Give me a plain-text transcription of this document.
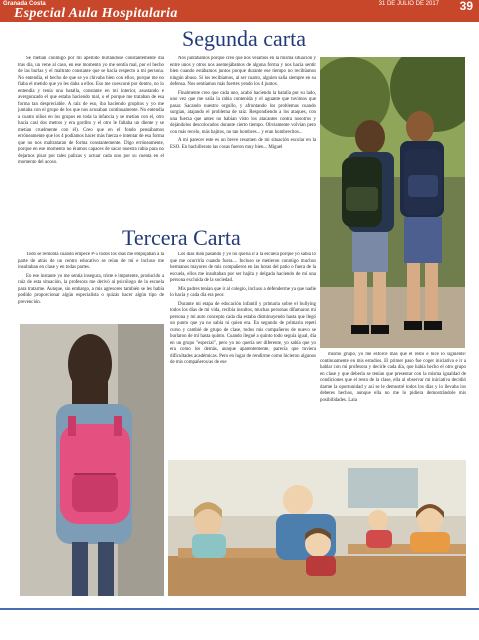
Granada Costa
Especial Aula Hospitalaria
31 DE JULIO DE 2017 39
Segunda carta

Se metían conmigo por mi apellido burlándose constantemente día tras día, un vene al caso, en ese momento yo me sentía mal, por el hecho de las burlas y el maltrato constante que se hacía respecto a mi persona. No entendía, el hecho de que se yo chivaba bien con ellos, porque me no fiaba el metido que yo les daba a ellos. Eso me cuesconé por dentro, no lo entendía y tenía una batalla, constante en mi interior, asustando e avergonzado el que estaba haciendo mal, o el porque me trataban de esa forma tan despreciable. A raíz de eso, iba haciendo grupitos y yo me juntaba con el grupo de los que nos acosaban continuamente. No entendía a cuatro niños en los grupos en toda la infancia y se metían con el, otro hacía casi dos metros y era gordito y el otro le faltaba un diente y se metían cruelmente con él). Creo que en el fondo pensábamos erróneamente que los 4 podíamos hacer más fuerza e intentar de esa forma que no nos maltrataran de forma constantemente. Digo erróneamente, porque en ese momento no éramos capaces de sacar nuestra rabia para no dejarnos pisar por tales palizas y actuar cada uno por su cuenta en el momento del acoso.

Nos juntábamos porque creo que nos veíamos en la misma situación y entre unos y otros nos asemejábamos de alguna forma y nos hacía sentir bien cuando estábamos juntos porque durante ese tiempo no recibíamos ningún abuso. Si los recibíamos, al ser cuatro, alguien salía siempre en su defensa. Nos sentíamos más fuertes yendo los 4 juntos.

Finalmente creo que cada uno, acabó haciendo la batalla por su lado, uno vez que me salía la rabia contenida y el aguante que tuvimos que pasar. Sacando nuestro orgullo, y afrontando los problemas cuando surgían, atajando el problema de raíz. Respondiendo a los ataques, con una fuerza que antes no habían visto los atacantes contra nosotros y dejándolos descolocados durante cierto tiempo. Obviamente volvían pero con más recelo, más bajitos, no tan hombres... y eran hombrecitos...

A mi parecer este es un breve resumen de mi situación escolar en la ESO. En bachillerato las cosas fueron muy bien... Miguel

Tercera Carta

Todo se remonta cuando empecé P-5 todos los días me empujaban a la parte de atrás de un centro educativo se reían de mí e incluso me insultaban en clase y en todas partes.

En ese instante yo me sentía insegura, triste e impotente, producido a raíz de esta situación, la profesora me derivó al psicólogo de la escuela para tratarme. Aunque, sin embargo, a mis agresores también se les había podido proporcionar algún especialista o quizás hacer algún tipo de prevención.

Los días iban pasando y yo no quería ir a la escuela porque yo sabía lo que me ocurriría cuando fuera.... Incluso se metieron conmigo muchos hermanos mayores de mis compañeros en las horas del patio o fuera de la escuela, ellos me insultaban por ser bajita y delgada haciendo de mí una persona excluida de la sociedad.

Mis padres tenían que ir al colegio, incluso a defenderme ya que nadie lo hacía y cada día era peor.

Durante mi etapa de educación infantil y primaria sobre el bullying todos los días de mi vida, recibía insultos, muchas personas difamaron mi persona y mi auto concepto cada día estaba disminuyendo hasta que llegó un punto que ya no sabía ni quien era. En segundo de primaria repetí curso y cambié de grupo de clase, todos mis compañeros de nuevo se burlaron de mí hasta quinto. Cuando llegué a quinto todo seguía igual, día en un grupo "especial", pero yo no quería ser diferente, yo sabía que yo era como los demás, aunque aparentemente, parecía que tuviera dificultades académicas. Pero en lugar de rendirme como hicieron algunos de mis compañeros/as de ese

mismo grupo, yo me esforcé más que el resto e hice lo siguiente: continuamente en mis estudios. El primer paso fue coger iniciativa e ir a hablar con mi profesora y decirle cada día, que había hecho el otro grupo en clase y que debería se tenían que presentar con la misma igualdad de condiciones que el resto de la clase, ella al observar mi iniciativa decidió darme la oportunidad y así se le demostré todos los días y lo llevaba los deberes hechos, aunque ella no me lo pidiera demostrándole mis posibilidades. Laia
